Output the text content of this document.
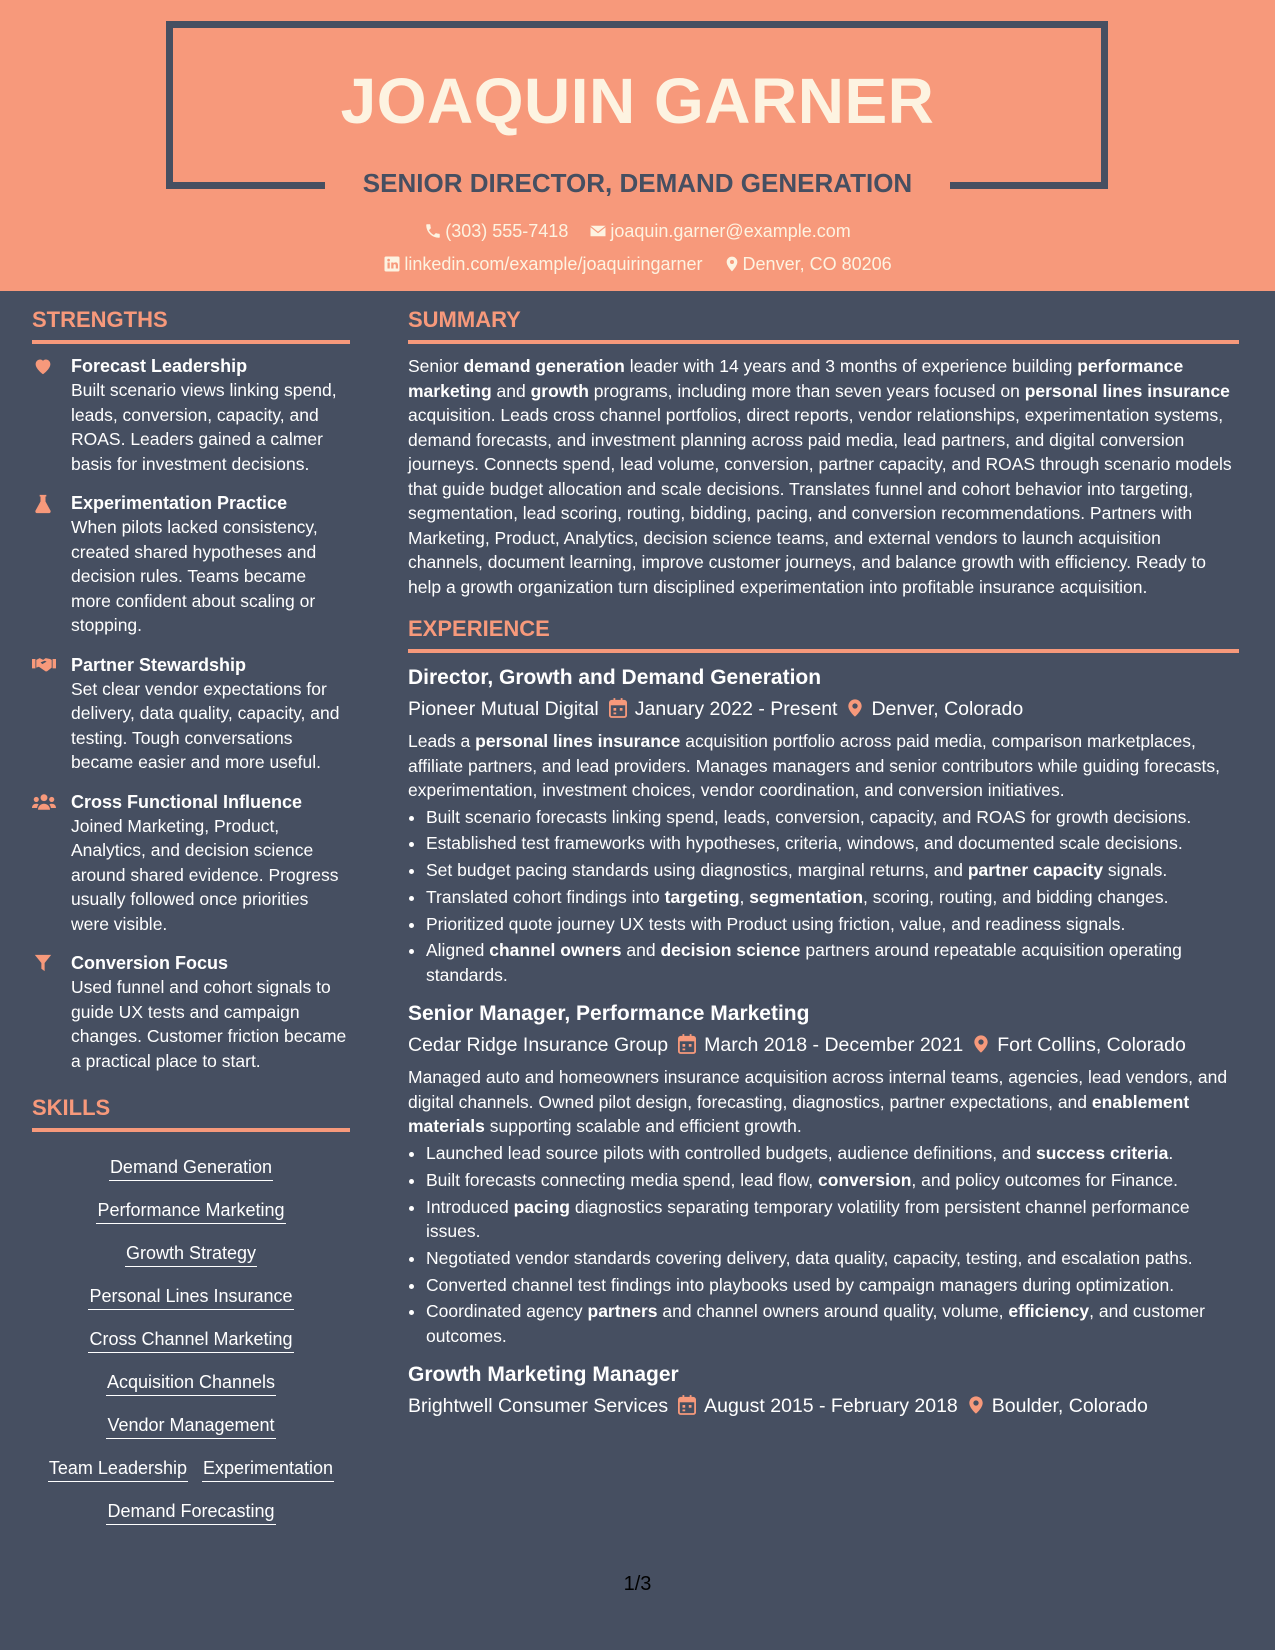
JOAQUIN GARNER
SENIOR DIRECTOR, DEMAND GENERATION
(303) 555-7418 joaquin.garner@example.com
linkedin.com/example/joaquiringarner Denver, CO 80206
STRENGTHS
Forecast Leadership
Built scenario views linking spend, leads, conversion, capacity, and ROAS. Leaders gained a calmer basis for investment decisions.
Experimentation Practice
When pilots lacked consistency, created shared hypotheses and decision rules. Teams became more confident about scaling or stopping.
Partner Stewardship
Set clear vendor expectations for delivery, data quality, capacity, and testing. Tough conversations became easier and more useful.
Cross Functional Influence
Joined Marketing, Product, Analytics, and decision science around shared evidence. Progress usually followed once priorities were visible.
Conversion Focus
Used funnel and cohort signals to guide UX tests and campaign changes. Customer friction became a practical place to start.
SKILLS
Demand Generation
Performance Marketing
Growth Strategy
Personal Lines Insurance
Cross Channel Marketing
Acquisition Channels
Vendor Management
Team Leadership Experimentation
Demand Forecasting
SUMMARY
Senior demand generation leader with 14 years and 3 months of experience building performance marketing and growth programs, including more than seven years focused on personal lines insurance acquisition. Leads cross channel portfolios, direct reports, vendor relationships, experimentation systems, demand forecasts, and investment planning across paid media, lead partners, and digital conversion journeys. Connects spend, lead volume, conversion, partner capacity, and ROAS through scenario models that guide budget allocation and scale decisions. Translates funnel and cohort behavior into targeting, segmentation, lead scoring, routing, bidding, pacing, and conversion recommendations. Partners with Marketing, Product, Analytics, decision science teams, and external vendors to launch acquisition channels, document learning, improve customer journeys, and balance growth with efficiency. Ready to help a growth organization turn disciplined experimentation into profitable insurance acquisition.
EXPERIENCE
Director, Growth and Demand Generation
Pioneer Mutual Digital January 2022 - Present Denver, Colorado
Leads a personal lines insurance acquisition portfolio across paid media, comparison marketplaces, affiliate partners, and lead providers. Manages managers and senior contributors while guiding forecasts, experimentation, investment choices, vendor coordination, and conversion initiatives.
• Built scenario forecasts linking spend, leads, conversion, capacity, and ROAS for growth decisions.
• Established test frameworks with hypotheses, criteria, windows, and documented scale decisions.
• Set budget pacing standards using diagnostics, marginal returns, and partner capacity signals.
• Translated cohort findings into targeting, segmentation, scoring, routing, and bidding changes.
• Prioritized quote journey UX tests with Product using friction, value, and readiness signals.
• Aligned channel owners and decision science partners around repeatable acquisition operating standards.
Senior Manager, Performance Marketing
Cedar Ridge Insurance Group March 2018 - December 2021 Fort Collins, Colorado
Managed auto and homeowners insurance acquisition across internal teams, agencies, lead vendors, and digital channels. Owned pilot design, forecasting, diagnostics, partner expectations, and enablement materials supporting scalable and efficient growth.
• Launched lead source pilots with controlled budgets, audience definitions, and success criteria.
• Built forecasts connecting media spend, lead flow, conversion, and policy outcomes for Finance.
• Introduced pacing diagnostics separating temporary volatility from persistent channel performance issues.
• Negotiated vendor standards covering delivery, data quality, capacity, testing, and escalation paths.
• Converted channel test findings into playbooks used by campaign managers during optimization.
• Coordinated agency partners and channel owners around quality, volume, efficiency, and customer outcomes.
Growth Marketing Manager
Brightwell Consumer Services August 2015 - February 2018 Boulder, Colorado
1/3
